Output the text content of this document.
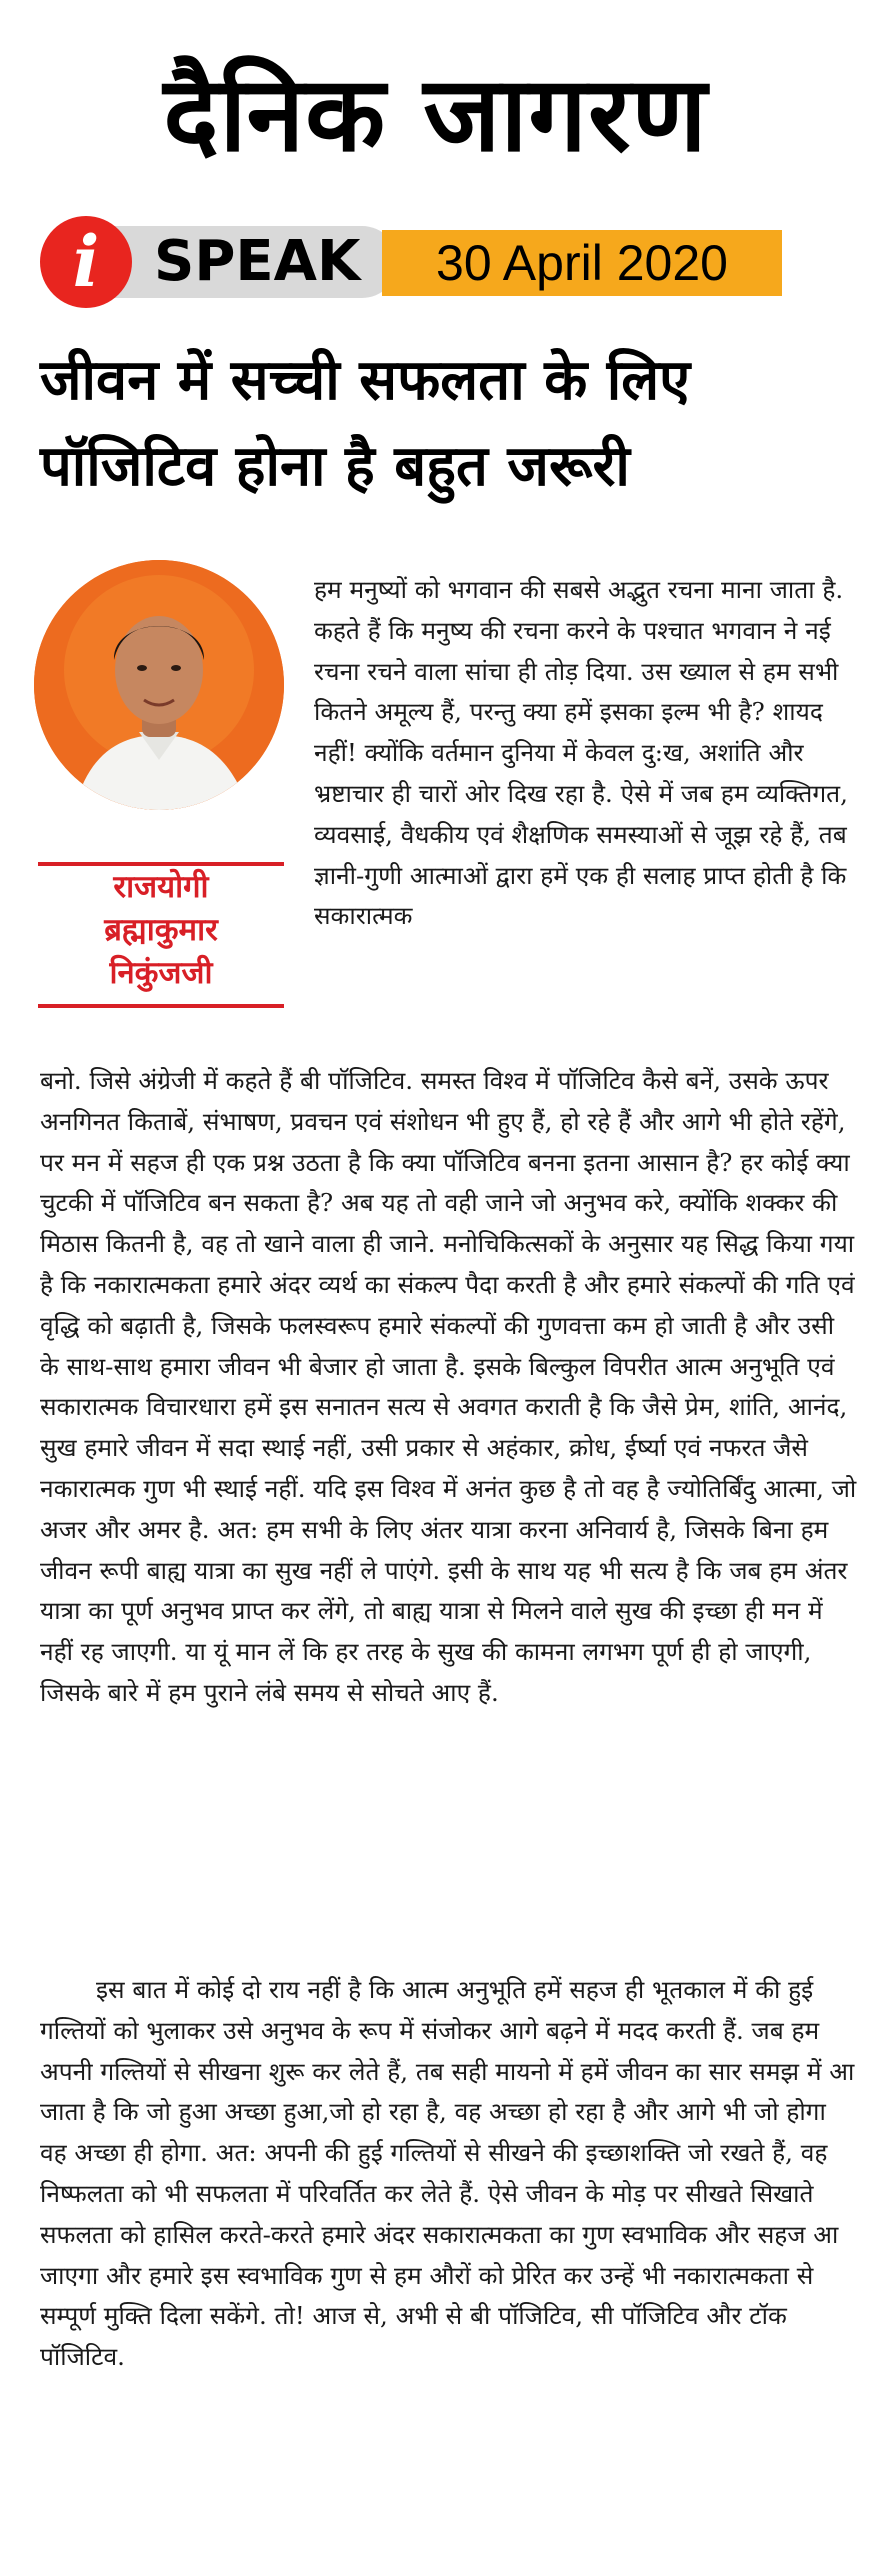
दैनिक जागरण
i SPEAK	30 April 2020
जीवन में सच्ची सफलता के लिए
पॉजिटिव होना है बहुत जरूरी
राजयोगी
ब्रह्माकुमार
निकुंजजी

हम मनुष्यों को भगवान की सबसे अद्भुत रचना माना जाता है. कहते हैं कि मनुष्य की रचना करने के पश्चात भगवान ने नई रचना रचने वाला सांचा ही तोड़ दिया. उस ख्याल से हम सभी कितने अमूल्य हैं, परन्तु क्या हमें इसका इल्म भी है? शायद नहीं! क्योंकि वर्तमान दुनिया में केवल दु:ख, अशांति और भ्रष्टाचार ही चारों ओर दिख रहा है. ऐसे में जब हम व्यक्तिगत, व्यवसाई, वैधकीय एवं शैक्षणिक समस्याओं से जूझ रहे हैं, तब ज्ञानी-गुणी आत्माओं द्वारा हमें एक ही सलाह प्राप्त होती है कि सकारात्मक

बनो. जिसे अंग्रेजी में कहते हैं बी पॉजिटिव. समस्त विश्व में पॉजिटिव कैसे बनें, उसके ऊपर अनगिनत किताबें, संभाषण, प्रवचन एवं संशोधन भी हुए हैं, हो रहे हैं और आगे भी होते रहेंगे, पर मन में सहज ही एक प्रश्न उठता है कि क्या पॉजिटिव बनना इतना आसान है? हर कोई क्या चुटकी में पॉजिटिव बन सकता है? अब यह तो वही जाने जो अनुभव करे, क्योंकि शक्कर की मिठास कितनी है, वह तो खाने वाला ही जाने. मनोचिकित्सकों के अनुसार यह सिद्ध किया गया है कि नकारात्मकता हमारे अंदर व्यर्थ का संकल्प पैदा करती है और हमारे संकल्पों की गति एवं वृद्धि को बढ़ाती है, जिसके फलस्वरूप हमारे संकल्पों की गुणवत्ता कम हो जाती है और उसी के साथ-साथ हमारा जीवन भी बेजार हो जाता है. इसके बिल्कुल विपरीत आत्म अनुभूति एवं सकारात्मक विचारधारा हमें इस सनातन सत्य से अवगत कराती है कि जैसे प्रेम, शांति, आनंद, सुख हमारे जीवन में सदा स्थाई नहीं, उसी प्रकार से अहंकार, क्रोध, ईर्ष्या एवं नफरत जैसे नकारात्मक गुण भी स्थाई नहीं. यदि इस विश्व में अनंत कुछ है तो वह है ज्योतिर्बिंदु आत्मा, जो अजर और अमर है. अत: हम सभी के लिए अंतर यात्रा करना अनिवार्य है, जिसके बिना हम जीवन रूपी बाह्य यात्रा का सुख नहीं ले पाएंगे. इसी के साथ यह भी सत्य है कि जब हम अंतर यात्रा का पूर्ण अनुभव प्राप्त कर लेंगे, तो बाह्य यात्रा से मिलने वाले सुख की इच्छा ही मन में नहीं रह जाएगी. या यूं मान लें कि हर तरह के सुख की कामना लगभग पूर्ण ही हो जाएगी, जिसके बारे में हम पुराने लंबे समय से सोचते आए हैं.

इस बात में कोई दो राय नहीं है कि आत्म अनुभूति हमें सहज ही भूतकाल में की हुई गल्तियों को भुलाकर उसे अनुभव के रूप में संजोकर आगे बढ़ने में मदद करती हैं. जब हम अपनी गल्तियों से सीखना शुरू कर लेते हैं, तब सही मायनो में हमें जीवन का सार समझ में आ जाता है कि जो हुआ अच्छा हुआ,जो हो रहा है, वह अच्छा हो रहा है और आगे भी जो होगा वह अच्छा ही होगा. अत: अपनी की हुई गल्तियों से सीखने की इच्छाशक्ति जो रखते हैं, वह निष्फलता को भी सफलता में परिवर्तित कर लेते हैं. ऐसे जीवन के मोड़ पर सीखते सिखाते सफलता को हासिल करते-करते हमारे अंदर सकारात्मकता का गुण स्वभाविक और सहज आ जाएगा और हमारे इस स्वभाविक गुण से हम औरों को प्रेरित कर उन्हें भी नकारात्मकता से सम्पूर्ण मुक्ति दिला सकेंगे. तो! आज से, अभी से बी पॉजिटिव, सी पॉजिटिव और टॉक पॉजिटिव.
